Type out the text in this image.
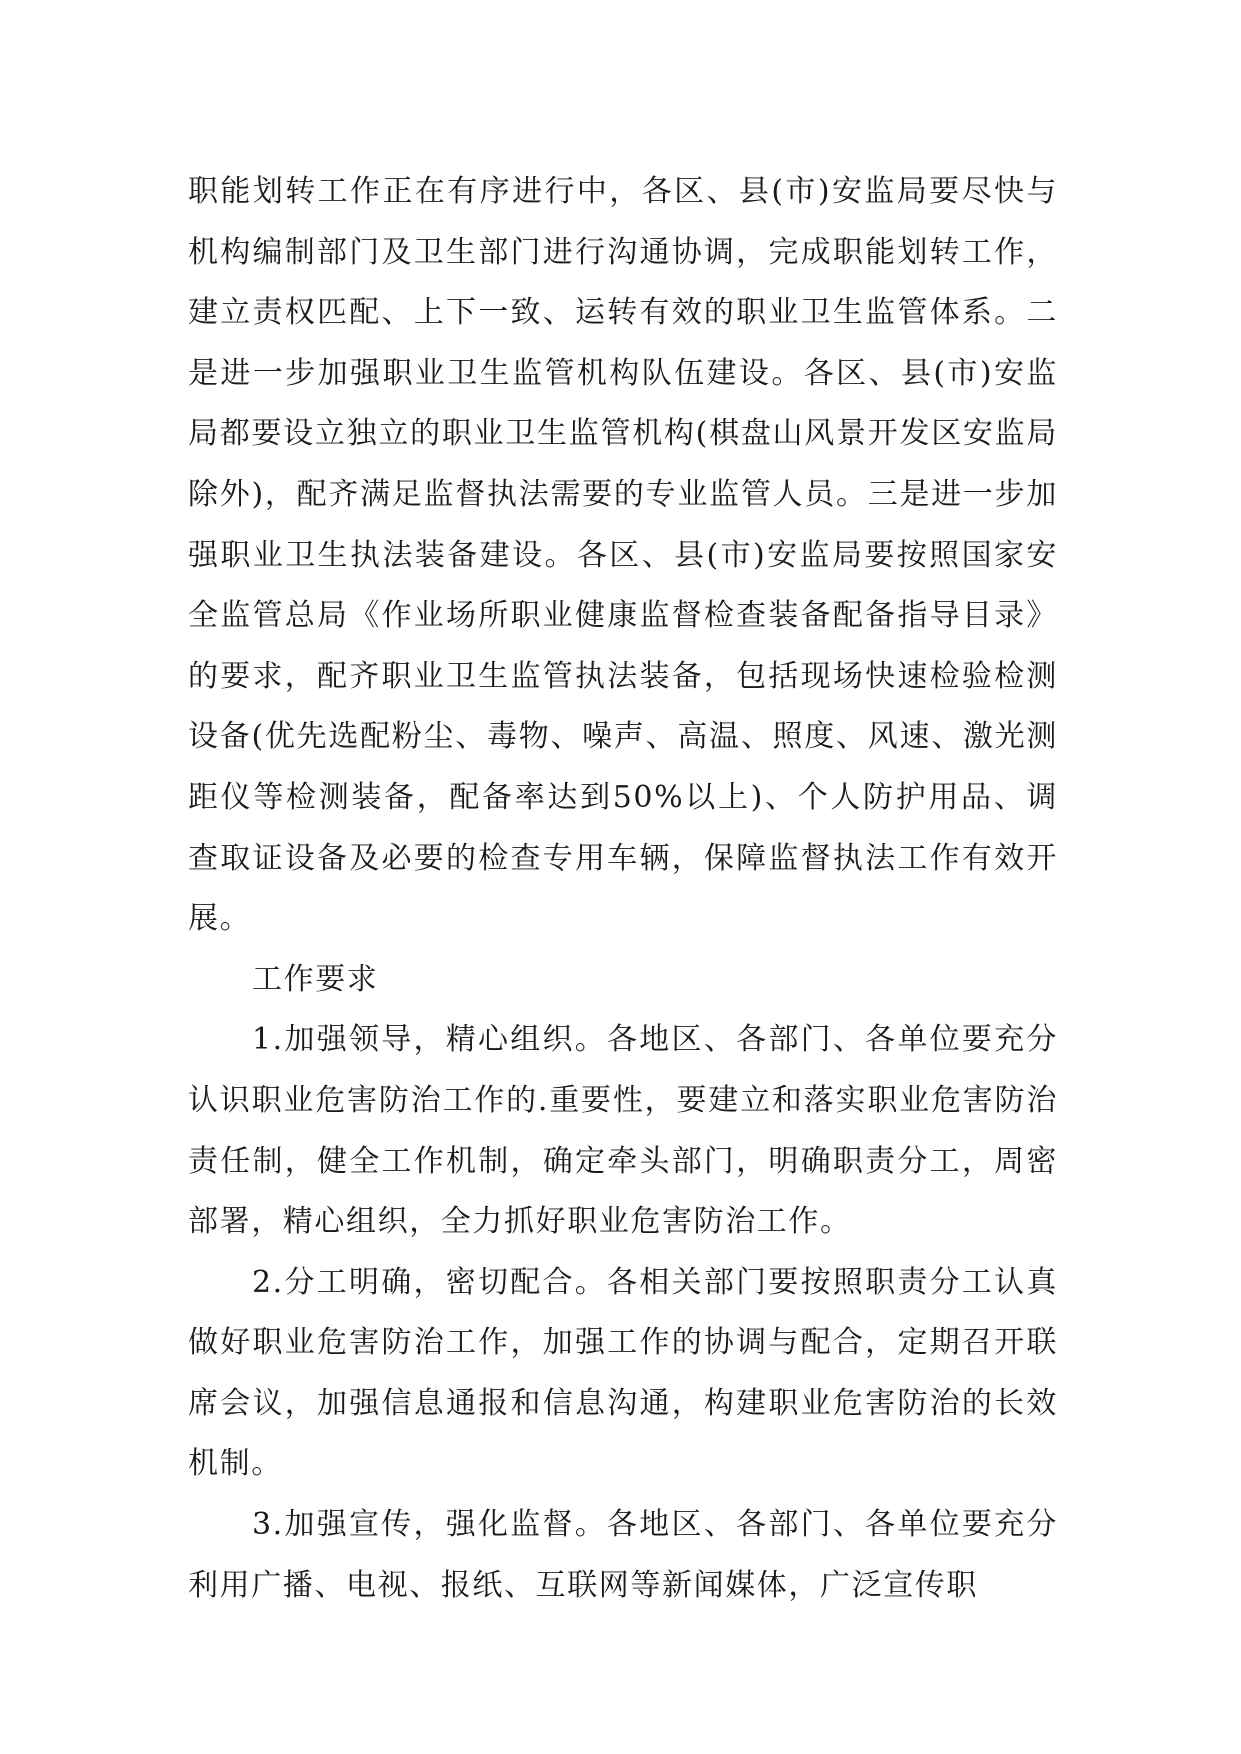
职能划转工作正在有序进行中，各区、县(市)安监局要尽快与机构编制部门及卫生部门进行沟通协调，完成职能划转工作，建立责权匹配、上下一致、运转有效的职业卫生监管体系。二是进一步加强职业卫生监管机构队伍建设。各区、县(市)安监局都要设立独立的职业卫生监管机构(棋盘山风景开发区安监局除外)，配齐满足监督执法需要的专业监管人员。三是进一步加强职业卫生执法装备建设。各区、县(市)安监局要按照国家安全监管总局《作业场所职业健康监督检查装备配备指导目录》的要求，配齐职业卫生监管执法装备，包括现场快速检验检测设备(优先选配粉尘、毒物、噪声、高温、照度、风速、激光测距仪等检测装备，配备率达到50%以上)、个人防护用品、调查取证设备及必要的检查专用车辆，保障监督执法工作有效开展。

工作要求

1.加强领导，精心组织。各地区、各部门、各单位要充分认识职业危害防治工作的.重要性，要建立和落实职业危害防治责任制，健全工作机制，确定牵头部门，明确职责分工，周密部署，精心组织，全力抓好职业危害防治工作。

2.分工明确，密切配合。各相关部门要按照职责分工认真做好职业危害防治工作，加强工作的协调与配合，定期召开联席会议，加强信息通报和信息沟通，构建职业危害防治的长效机制。

3.加强宣传，强化监督。各地区、各部门、各单位要充分利用广播、电视、报纸、互联网等新闻媒体，广泛宣传职
